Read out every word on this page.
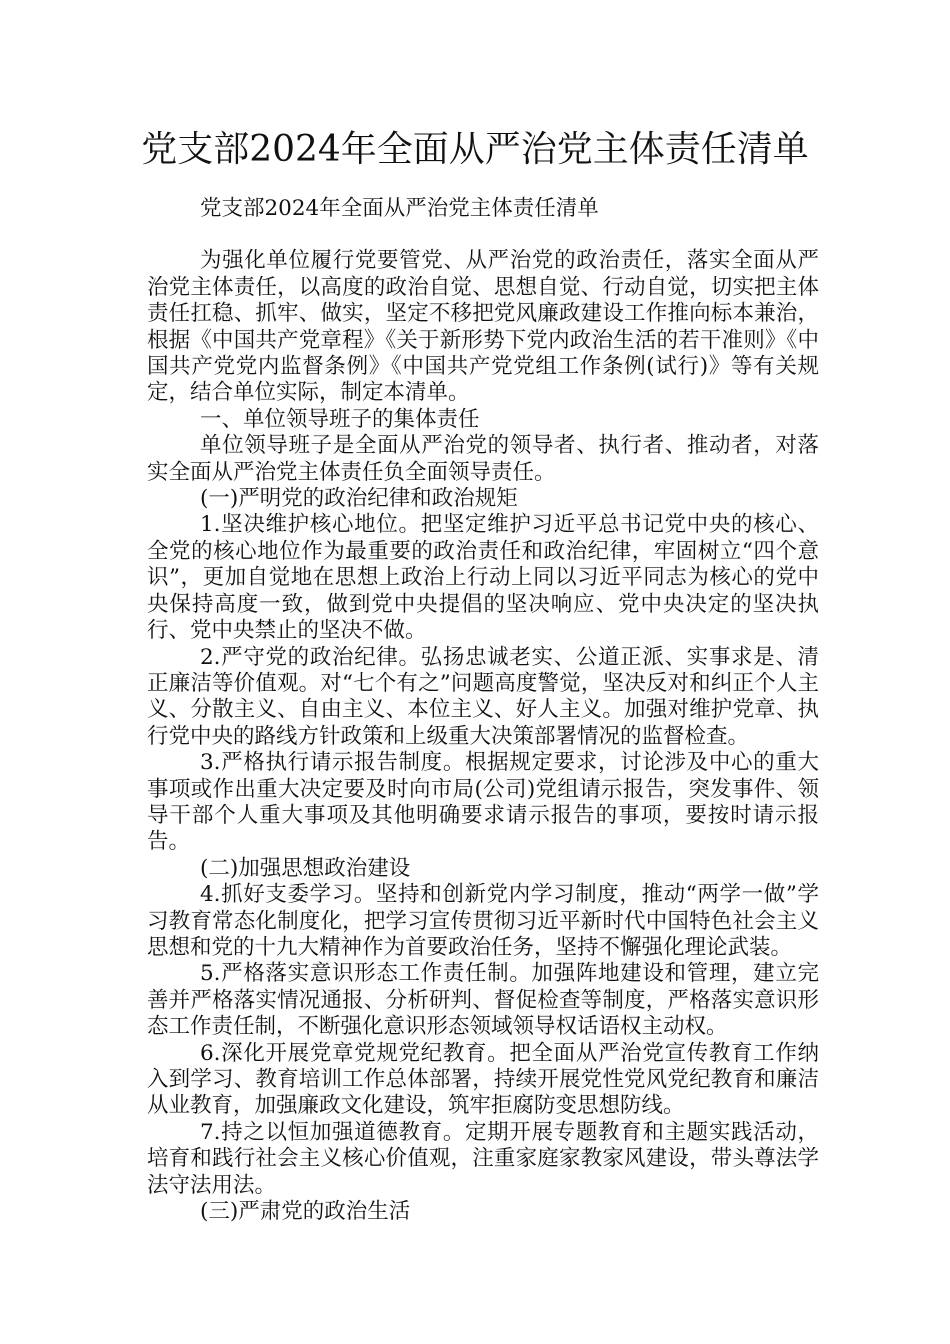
党支部2024年全面从严治党主体责任清单

党支部2024年全面从严治党主体责任清单

为强化单位履行党要管党、从严治党的政治责任，落实全面从严治党主体责任，以高度的政治自觉、思想自觉、行动自觉，切实把主体责任扛稳、抓牢、做实，坚定不移把党风廉政建设工作推向标本兼治，根据《中国共产党章程》《关于新形势下党内政治生活的若干准则》《中国共产党党内监督条例》《中国共产党党组工作条例(试行)》等有关规定，结合单位实际，制定本清单。

一、单位领导班子的集体责任

单位领导班子是全面从严治党的领导者、执行者、推动者，对落实全面从严治党主体责任负全面领导责任。

(一)严明党的政治纪律和政治规矩

1.坚决维护核心地位。把坚定维护习近平总书记党中央的核心、全党的核心地位作为最重要的政治责任和政治纪律，牢固树立“四个意识”，更加自觉地在思想上政治上行动上同以习近平同志为核心的党中央保持高度一致，做到党中央提倡的坚决响应、党中央决定的坚决执行、党中央禁止的坚决不做。

2.严守党的政治纪律。弘扬忠诚老实、公道正派、实事求是、清正廉洁等价值观。对“七个有之”问题高度警觉，坚决反对和纠正个人主义、分散主义、自由主义、本位主义、好人主义。加强对维护党章、执行党中央的路线方针政策和上级重大决策部署情况的监督检查。

3.严格执行请示报告制度。根据规定要求，讨论涉及中心的重大事项或作出重大决定要及时向市局(公司)党组请示报告，突发事件、领导干部个人重大事项及其他明确要求请示报告的事项，要按时请示报告。

(二)加强思想政治建设

4.抓好支委学习。坚持和创新党内学习制度，推动“两学一做”学习教育常态化制度化，把学习宣传贯彻习近平新时代中国特色社会主义思想和党的十九大精神作为首要政治任务，坚持不懈强化理论武装。

5.严格落实意识形态工作责任制。加强阵地建设和管理，建立完善并严格落实情况通报、分析研判、督促检查等制度，严格落实意识形态工作责任制，不断强化意识形态领域领导权话语权主动权。

6.深化开展党章党规党纪教育。把全面从严治党宣传教育工作纳入到学习、教育培训工作总体部署，持续开展党性党风党纪教育和廉洁从业教育，加强廉政文化建设，筑牢拒腐防变思想防线。

7.持之以恒加强道德教育。定期开展专题教育和主题实践活动，培育和践行社会主义核心价值观，注重家庭家教家风建设，带头尊法学法守法用法。

(三)严肃党的政治生活
